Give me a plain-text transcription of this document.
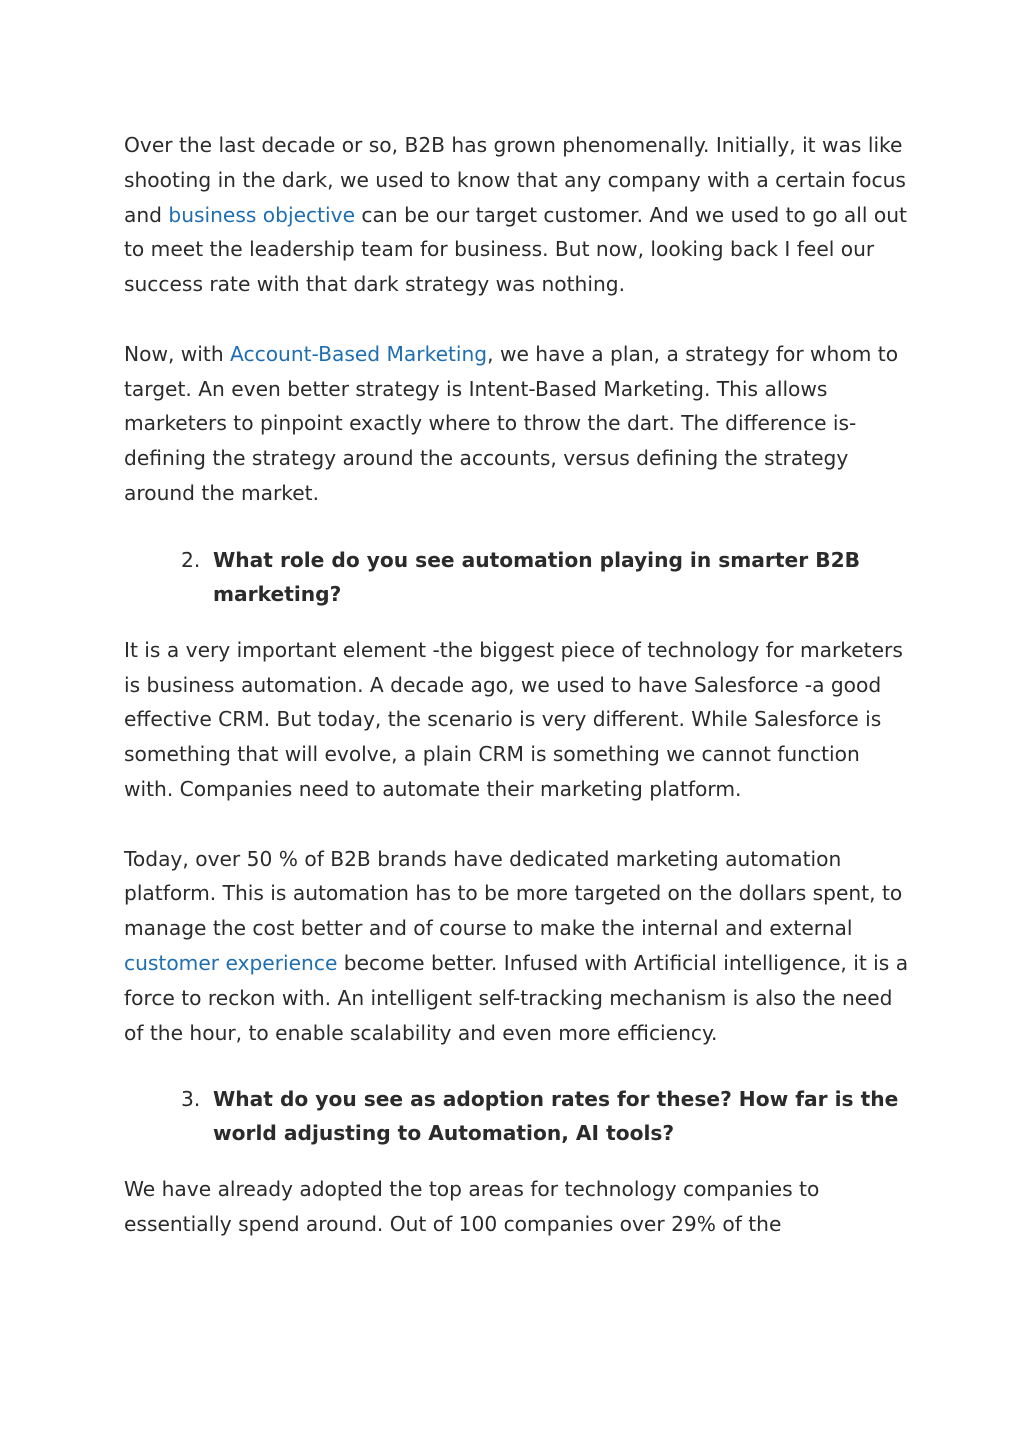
Over the last decade or so, B2B has grown phenomenally. Initially, it was like shooting in the dark, we used to know that any company with a certain focus and business objective can be our target customer. And we used to go all out to meet the leadership team for business. But now, looking back I feel our success rate with that dark strategy was nothing.

Now, with Account-Based Marketing, we have a plan, a strategy for whom to target. An even better strategy is Intent-Based Marketing. This allows marketers to pinpoint exactly where to throw the dart. The difference is-defining the strategy around the accounts, versus defining the strategy around the market.

2. What role do you see automation playing in smarter B2B marketing?

It is a very important element -the biggest piece of technology for marketers is business automation. A decade ago, we used to have Salesforce -a good effective CRM. But today, the scenario is very different. While Salesforce is something that will evolve, a plain CRM is something we cannot function with. Companies need to automate their marketing platform.

Today, over 50 % of B2B brands have dedicated marketing automation platform. This is automation has to be more targeted on the dollars spent, to manage the cost better and of course to make the internal and external customer experience become better. Infused with Artificial intelligence, it is a force to reckon with. An intelligent self-tracking mechanism is also the need of the hour, to enable scalability and even more efficiency.

3. What do you see as adoption rates for these? How far is the world adjusting to Automation, AI tools?

We have already adopted the top areas for technology companies to essentially spend around. Out of 100 companies over 29% of the
